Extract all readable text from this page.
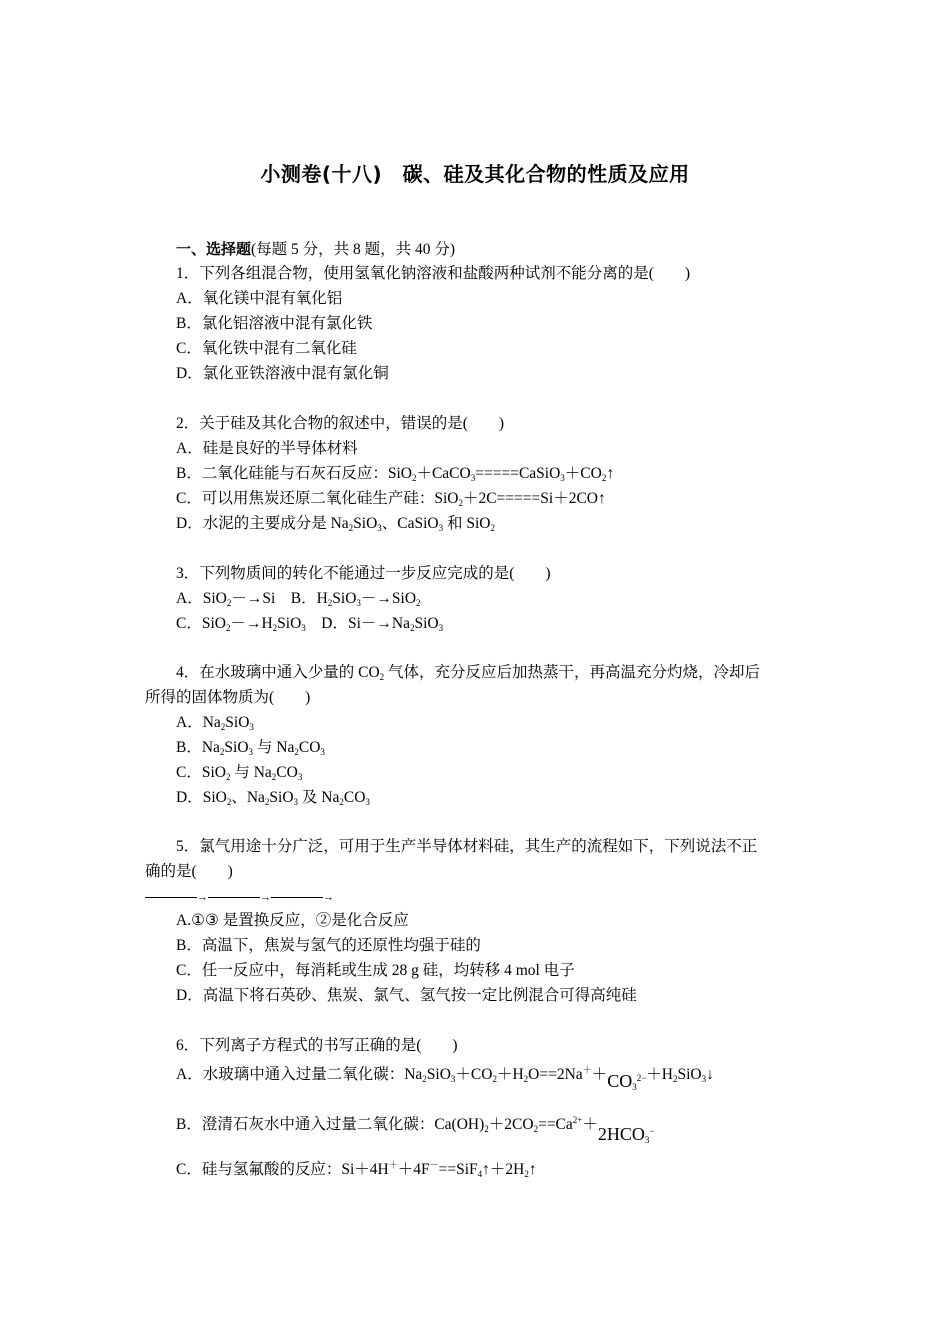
小测卷(十八)　碳、硅及其化合物的性质及应用
一、选择题(每题 5 分，共 8 题，共 40 分)
1．下列各组混合物，使用氢氧化钠溶液和盐酸两种试剂不能分离的是(　　)
A．氧化镁中混有氧化铝
B．氯化铝溶液中混有氯化铁
C．氧化铁中混有二氧化硅
D．氯化亚铁溶液中混有氯化铜
2．关于硅及其化合物的叙述中，错误的是(　　)
A．硅是良好的半导体材料
B．二氧化硅能与石灰石反应：$SiO_2+CaCO_3=====CaSiO_3+CO_2↑$
C．可以用焦炭还原二氧化硅生产硅：SiO$_2$＋2C=====Si＋2CO↑
D．水泥的主要成分是 $Na_2SiO_3$、CaSiO$_3$ 和 SiO$_2$
3．下列物质间的转化不能通过一步反应完成的是(　　)
A．SiO$_2$－→Si　B．$H_2SiO_3-\to SiO_2$
C．$SiO_2-\to H_2SiO_3$　D．$Si-\to Na_2SiO_3$
4．在水玻璃中通入少量的 $CO_2$ 气体，充分反应后加热蒸干，再高温充分灼烧，冷却后
所得的固体物质为(　　)
A．$Na_2SiO_3$
B．$Na_2SiO_3$ 与 $Na_2CO_3$
C．SiO$_2$ 与 $Na_2CO_3$
D．SiO$_2$、$Na_2SiO_3$ 及 $Na_2CO_3$
5．氯气用途十分广泛，可用于生产半导体材料硅，其生产的流程如下，下列说法不正
确的是(　　)
→	→	→
A.①③ 是置换反应，②是化合反应
B．高温下，焦炭与氢气的还原性均强于硅的
C．任一反应中，每消耗或生成 28 g 硅，均转移 4 mol 电子
D．高温下将石英砂、焦炭、氯气、氢气按一定比例混合可得高纯硅
6．下列离子方程式的书写正确的是(　　)
A．水玻璃中通入过量二氧化碳：$Na_2SiO_3+CO_2+H_2O==2Na^++CO_3^{2-}+H_2SiO_3↓$
B．澄清石灰水中通入过量二氧化碳：$Ca(OH)_2+2CO_2==Ca^{2+}+2HCO_3^-$
C．硅与氢氟酸的反应：$Si+4H^++4F^-==SiF_4↑+2H_2↑$
